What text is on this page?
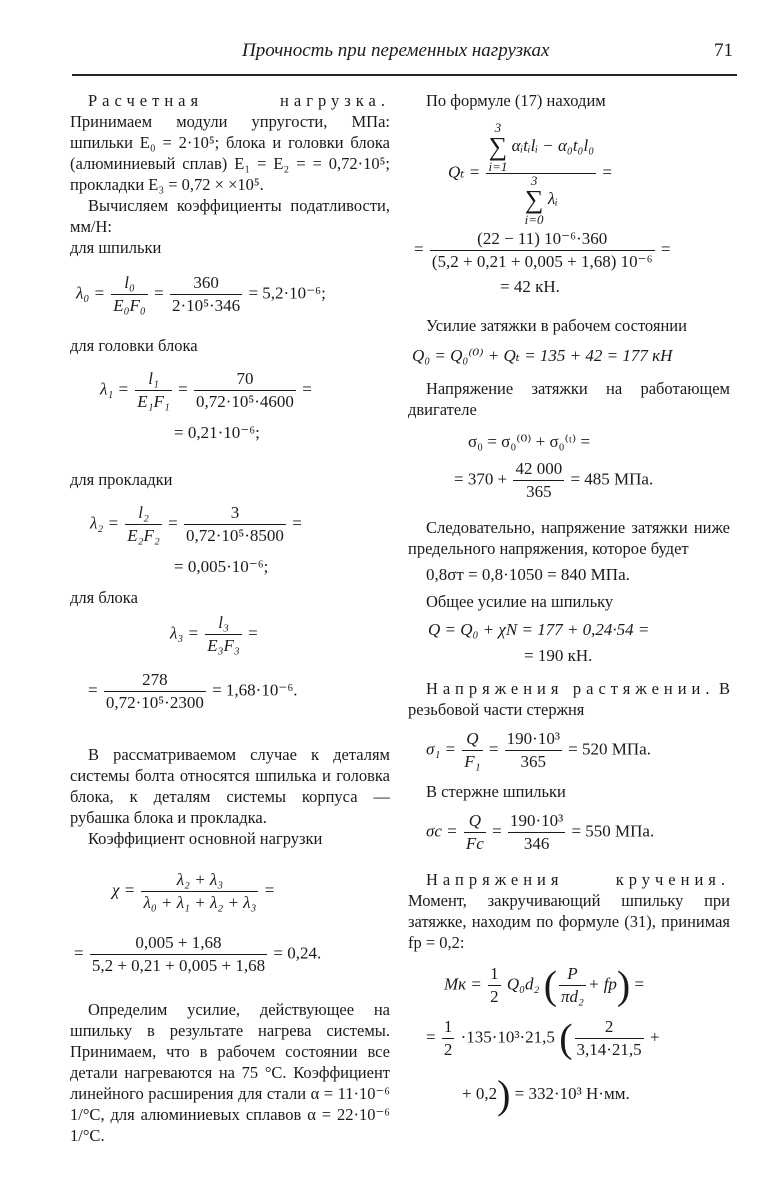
Прочность при переменных нагрузках	71

Расчетная нагрузка. Принимаем модули упругости, МПа: шпильки E₀ = 2·10⁵; блока и головки блока (алюминиевый сплав) E₁ = E₂ = = 0,72·10⁵; прокладки E₃ = 0,72 × ×10⁵.

Вычисляем коэффициенты податливости, мм/Н:

для шпильки

$\lambda_0 = \frac{\text{l₀}}{\text{E₀F₀}} = \frac{360}{\text{2·10⁵·346}} = 5,2\cdot 10^{-6}$;

для головки блока

$\lambda_1 = \frac{\text{l₁}}{\text{E₁F₁}} = \frac{70}{\text{0,72·10⁵·4600}}$ =
= 0,21·10⁻⁶;

для прокладки

$\lambda_2 = \frac{\text{l₂}}{\text{E₂F₂}} = \frac{3}{\text{0,72·10⁵·8500}}$ =
= 0,005·10⁻⁶;

для блока

$\lambda_3 = \frac{\text{l₃}}{\text{E₃F₃}}$ =
= $\frac{278}{\text{0,72·10⁵·2300}} = 1,68\cdot 10^{-6}$.

В рассматриваемом случае к деталям системы болта относятся шпилька и головка блока, к деталям системы корпуса — рубашка блока и прокладка.

Коэффициент основной нагрузки

$\chi = \frac{\text{λ₂ + λ₃}}{\text{λ₀ + λ₁ + λ₂ + λ₃}}$ =
= $\frac{0,005 + 1,68}{5,2 + 0,21 + 0,005 + 1,68} = 0,24$.

Определим усилие, действующее на шпильку в результате нагрева системы. Принимаем, что в рабочем состоянии все детали нагреваются на 75 °С. Коэффициент линейного расширения для стали α = 11·10⁻⁶ 1/°С, для алюминиевых сплавов α = 22·10⁻⁶ 1/°С.

По формуле (17) находим

Qₜ = 3
∑
i=1 αᵢtᵢlᵢ − α₀t₀l₀
3
∑
i=0 λᵢ =
= $\frac{\text{(22 − 11) 10⁻⁶·360}}{\text{(5,2 + 0,21 + 0,005 + 1,68) 10⁻⁶}}$ =
= 42 кН.

Усилие затяжки в рабочем состоянии

Q₀ = Q₀⁽⁰⁾ + Qₜ = 135 + 42 = 177 кН

Напряжение затяжки на работающем двигателе

σ₀ = σ₀⁽⁰⁾ + σ₀⁽ᵗ⁾ =
= $370 + \frac{42 000}{365} = 485$ МПа.

Следовательно, напряжение затяжки ниже предельного напряжения, которое будет

0,8σт = 0,8·1050 = 840 МПа.

Общее усилие на шпильку

Q = Q₀ + χN = 177 + 0,24·54 =
= 190 кН.

Напряжения растяжении. В резьбовой части стержня

$\sigma_1 = \frac{Q}{\text{F₁}} = \frac{\text{190·10³}}{365} = 520$ МПа.

В стержне шпильки

$\sigma c = \frac{Q}{Fc} = \frac{\text{190·10³}}{346} = 550$ МПа.

Напряжения кручения. Момент, закручивающий шпильку при затяжке, находим по формуле (31), принимая fр = 0,2:

Mк = $\frac{1}{2} Q_0d_2$ ( $\frac{P}{\text{πd₂}} + fр$) =
= $\frac{1}{2} \cdot 135\cdot 10^3\cdot 21,5$ ( $\frac{2}{3,14\cdot 21,5}$ +
+ 0,2) = 332·10³ Н·мм.
